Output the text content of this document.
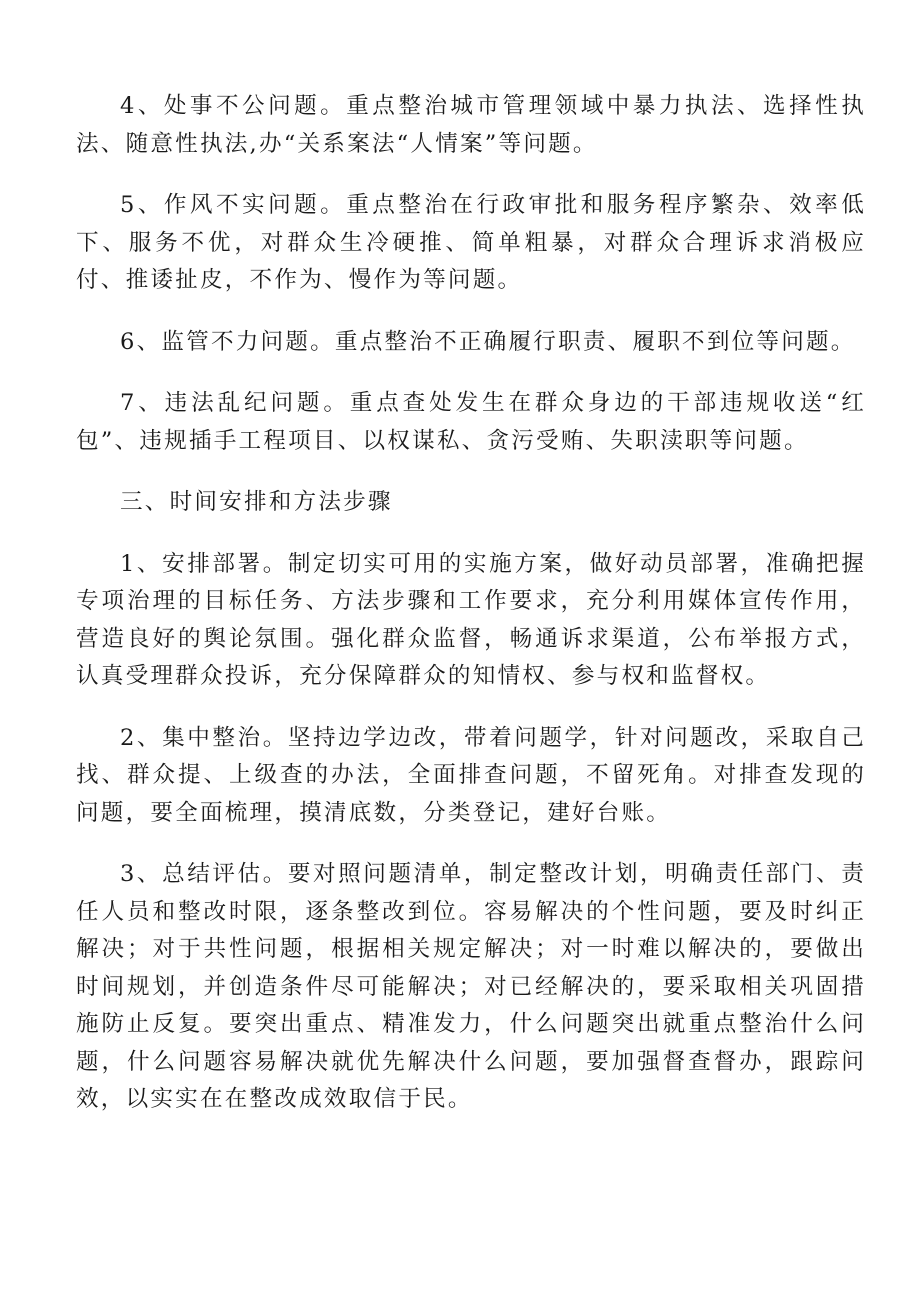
4、处事不公问题。重点整治城市管理领域中暴力执法、选择性执法、随意性执法,办“关系案法“人情案”等问题。

5、作风不实问题。重点整治在行政审批和服务程序繁杂、效率低下、服务不优，对群众生冷硬推、简单粗暴，对群众合理诉求消极应付、推诿扯皮，不作为、慢作为等问题。

6、监管不力问题。重点整治不正确履行职责、履职不到位等问题。

7、违法乱纪问题。重点查处发生在群众身边的干部违规收送“红包”、违规插手工程项目、以权谋私、贪污受贿、失职渎职等问题。

三、时间安排和方法步骤

1、安排部署。制定切实可用的实施方案，做好动员部署，准确把握专项治理的目标任务、方法步骤和工作要求，充分利用媒体宣传作用，营造良好的舆论氛围。强化群众监督，畅通诉求渠道，公布举报方式，认真受理群众投诉，充分保障群众的知情权、参与权和监督权。

2、集中整治。坚持边学边改，带着问题学，针对问题改，采取自己找、群众提、上级查的办法，全面排查问题，不留死角。对排查发现的问题，要全面梳理，摸清底数，分类登记，建好台账。

3、总结评估。要对照问题清单，制定整改计划，明确责任部门、责任人员和整改时限，逐条整改到位。容易解决的个性问题，要及时纠正解决；对于共性问题，根据相关规定解决；对一时难以解决的，要做出时间规划，并创造条件尽可能解决；对已经解决的，要采取相关巩固措施防止反复。要突出重点、精准发力，什么问题突出就重点整治什么问题，什么问题容易解决就优先解决什么问题，要加强督查督办，跟踪问效，以实实在在整改成效取信于民。
